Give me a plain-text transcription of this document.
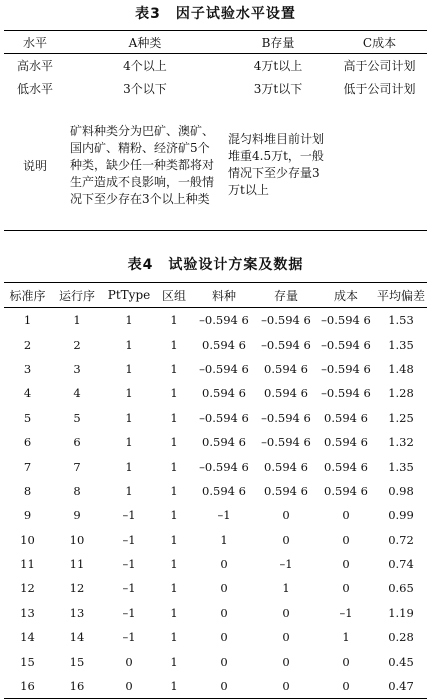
表3　因子试验水平设置
水平	A种类	B存量	C成本
高水平	4个以上	4万t以上	高于公司计划
低水平	3个以下	3万t以下	低于公司计划
说明	矿料种类分为巴矿、澳矿、国内矿、精粉、经济矿5个种类，缺少任一种类都将对生产造成不良影响，一般情况下至少存在3个以上种类	混匀料堆目前计划堆重4.5万t，一般情况下至少存量3万t以上	

表4　试验设计方案及数据
标准序	运行序	PtType	区组	料种	存量	成本	平均偏差
1	1	1	1	–0.594 6	–0.594 6	–0.594 6	1.53
2	2	1	1	0.594 6	–0.594 6	–0.594 6	1.35
3	3	1	1	–0.594 6	0.594 6	–0.594 6	1.48
4	4	1	1	0.594 6	0.594 6	–0.594 6	1.28
5	5	1	1	–0.594 6	–0.594 6	0.594 6	1.25
6	6	1	1	0.594 6	–0.594 6	0.594 6	1.32
7	7	1	1	–0.594 6	0.594 6	0.594 6	1.35
8	8	1	1	0.594 6	0.594 6	0.594 6	0.98
9	9	–1	1	–1	0	0	0.99
10	10	–1	1	1	0	0	0.72
11	11	–1	1	0	–1	0	0.74
12	12	–1	1	0	1	0	0.65
13	13	–1	1	0	0	–1	1.19
14	14	–1	1	0	0	1	0.28
15	15	0	1	0	0	0	0.45
16	16	0	1	0	0	0	0.47
